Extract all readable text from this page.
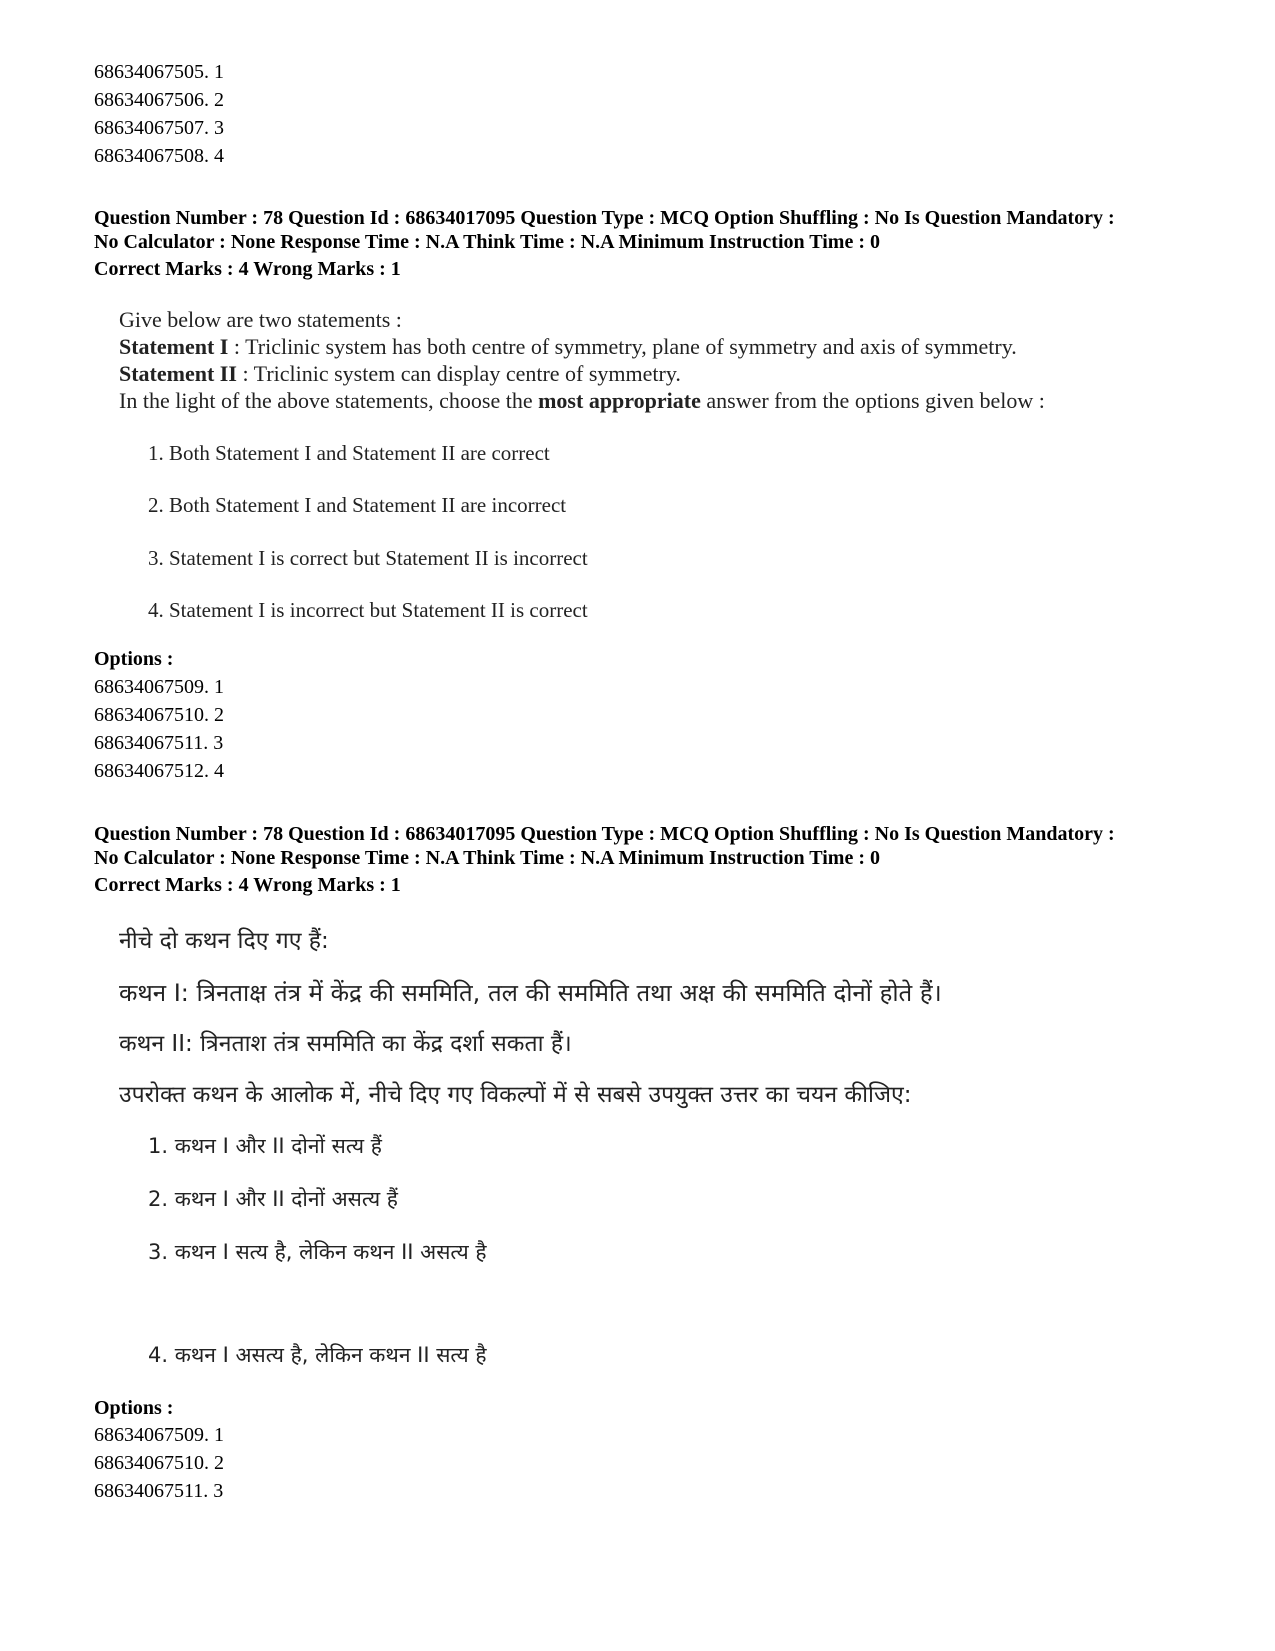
68634067505. 1
68634067506. 2
68634067507. 3
68634067508. 4
Question Number : 78 Question Id : 68634017095 Question Type : MCQ Option Shuffling : No Is Question Mandatory :
No Calculator : None Response Time : N.A Think Time : N.A Minimum Instruction Time : 0
Correct Marks : 4 Wrong Marks : 1
Give below are two statements :
Statement I : Triclinic system has both centre of symmetry, plane of symmetry and axis of symmetry.
Statement II : Triclinic system can display centre of symmetry.
In the light of the above statements, choose the most appropriate answer from the options given below :
1. Both Statement I and Statement II are correct
2. Both Statement I and Statement II are incorrect
3. Statement I is correct but Statement II is incorrect
4. Statement I is incorrect but Statement II is correct
Options :
68634067509. 1
68634067510. 2
68634067511. 3
68634067512. 4
Question Number : 78 Question Id : 68634017095 Question Type : MCQ Option Shuffling : No Is Question Mandatory :
No Calculator : None Response Time : N.A Think Time : N.A Minimum Instruction Time : 0
Correct Marks : 4 Wrong Marks : 1
नीचे दो कथन दिए गए हैं:
कथन I: त्रिनताक्ष तंत्र में केंद्र की सममिति, तल की सममिति तथा अक्ष की सममिति दोनों होते हैं।
कथन II: त्रिनताश तंत्र सममिति का केंद्र दर्शा सकता हैं।
उपरोक्त कथन के आलोक में, नीचे दिए गए विकल्पों में से सबसे उपयुक्त उत्तर का चयन कीजिए:
1. कथन I और II दोनों सत्य हैं
2. कथन I और II दोनों असत्य हैं
3. कथन I सत्य है, लेकिन कथन II असत्य है
4. कथन I असत्य है, लेकिन कथन II सत्य है
Options :
68634067509. 1
68634067510. 2
68634067511. 3
